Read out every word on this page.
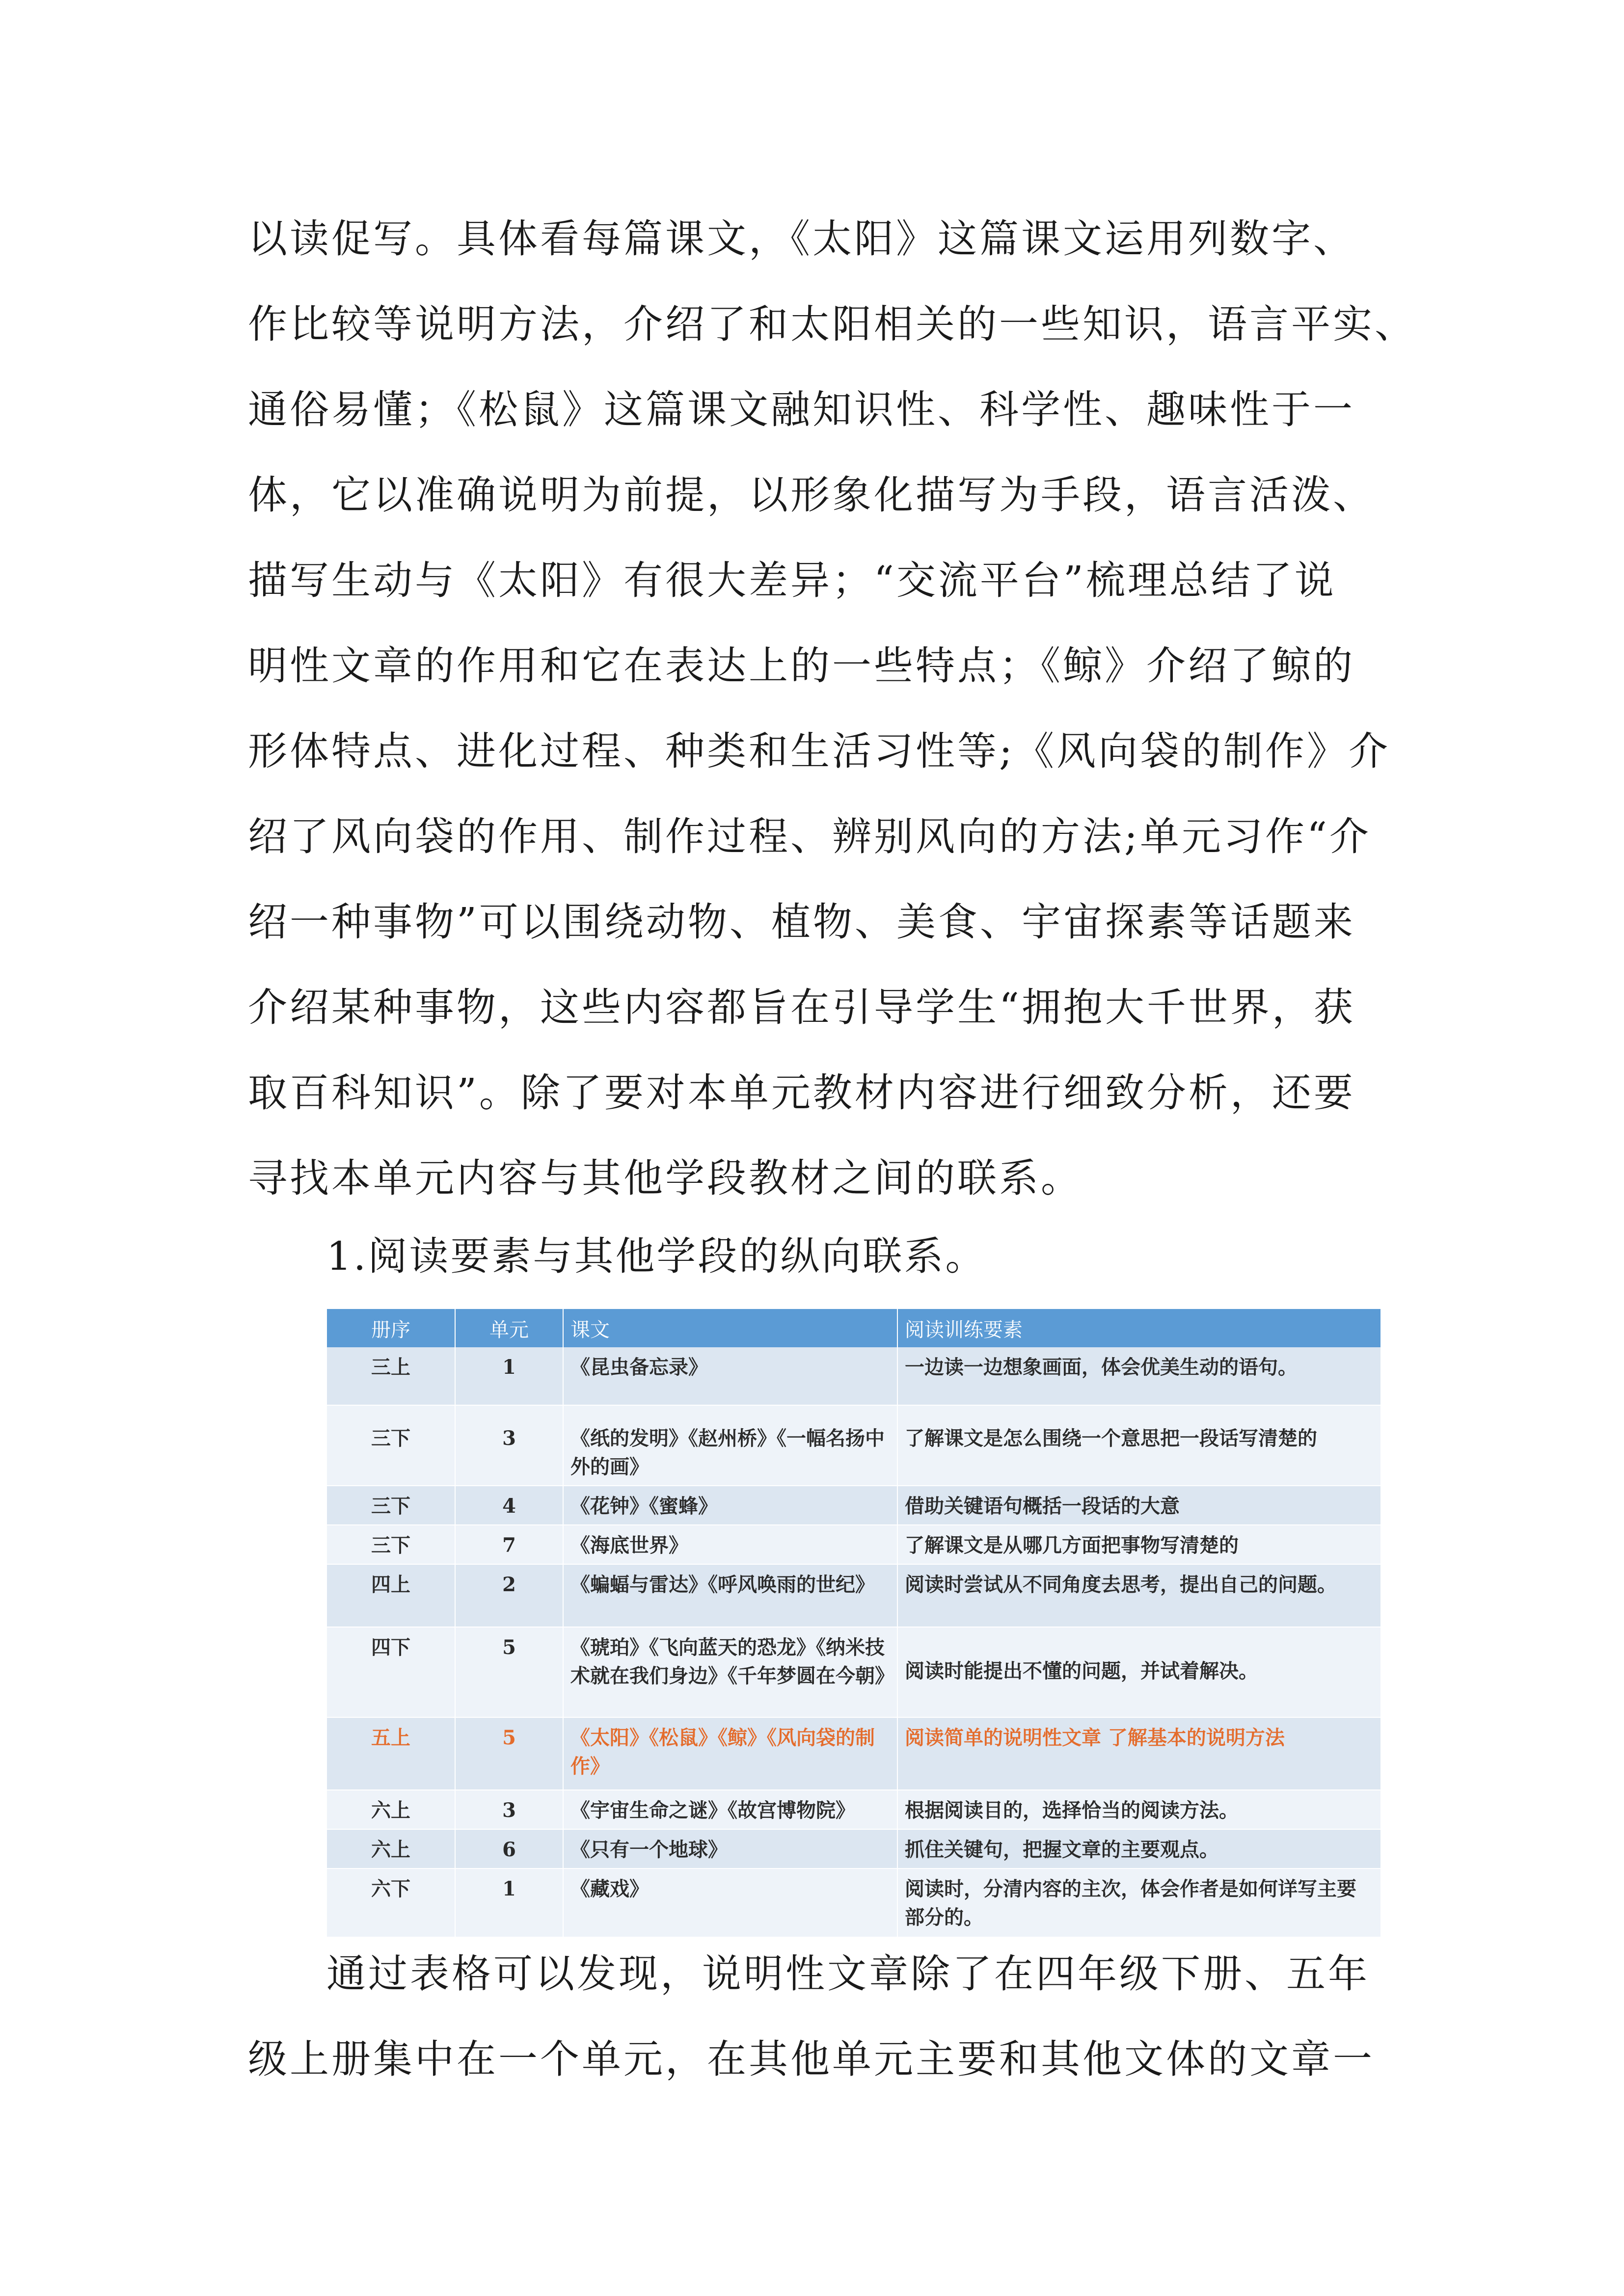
以读促写。具体看每篇课文，《太阳》这篇课文运用列数字、
作比较等说明方法，介绍了和太阳相关的一些知识，语言平实、
通俗易懂；《松鼠》这篇课文融知识性、科学性、趣味性于一
体，它以准确说明为前提，以形象化描写为手段，语言活泼、
描写生动与《太阳》有很大差异；“交流平台”梳理总结了说
明性文章的作用和它在表达上的一些特点；《鲸》介绍了鲸的
形体特点、进化过程、种类和生活习性等;《风向袋的制作》介
绍了风向袋的作用、制作过程、辨别风向的方法;单元习作“介
绍一种事物”可以围绕动物、植物、美食、宇宙探素等话题来
介绍某种事物，这些内容都旨在引导学生“拥抱大千世界，获
取百科知识”。除了要对本单元教材内容进行细致分析，还要
寻找本单元内容与其他学段教材之间的联系。

1.阅读要素与其他学段的纵向联系。

册序	单元	课文	阅读训练要素
三上	1	《昆虫备忘录》	一边读一边想象画面，体会优美生动的语句。
三下	3	《纸的发明》《赵州桥》《一幅名扬中外的画》	了解课文是怎么围绕一个意思把一段话写清楚的
三下	4	《花钟》《蜜蜂》	借助关键语句概括一段话的大意
三下	7	《海底世界》	了解课文是从哪几方面把事物写清楚的
四上	2	《蝙蝠与雷达》《呼风唤雨的世纪》	阅读时尝试从不同角度去思考，提出自己的问题。
四下	5	《琥珀》《飞向蓝天的恐龙》《纳米技术就在我们身边》《千年梦圆在今朝》	阅读时能提出不懂的问题，并试着解决。
五上	5	《太阳》《松鼠》《鲸》《风向袋的制作》	阅读简单的说明性文章 了解基本的说明方法
六上	3	《宇宙生命之谜》《故宫博物院》	根据阅读目的，选择恰当的阅读方法。
六上	6	《只有一个地球》	抓住关键句，把握文章的主要观点。
六下	1	《藏戏》	阅读时，分清内容的主次，体会作者是如何详写主要部分的。

通过表格可以发现，说明性文章除了在四年级下册、五年
级上册集中在一个单元，在其他单元主要和其他文体的文章一
